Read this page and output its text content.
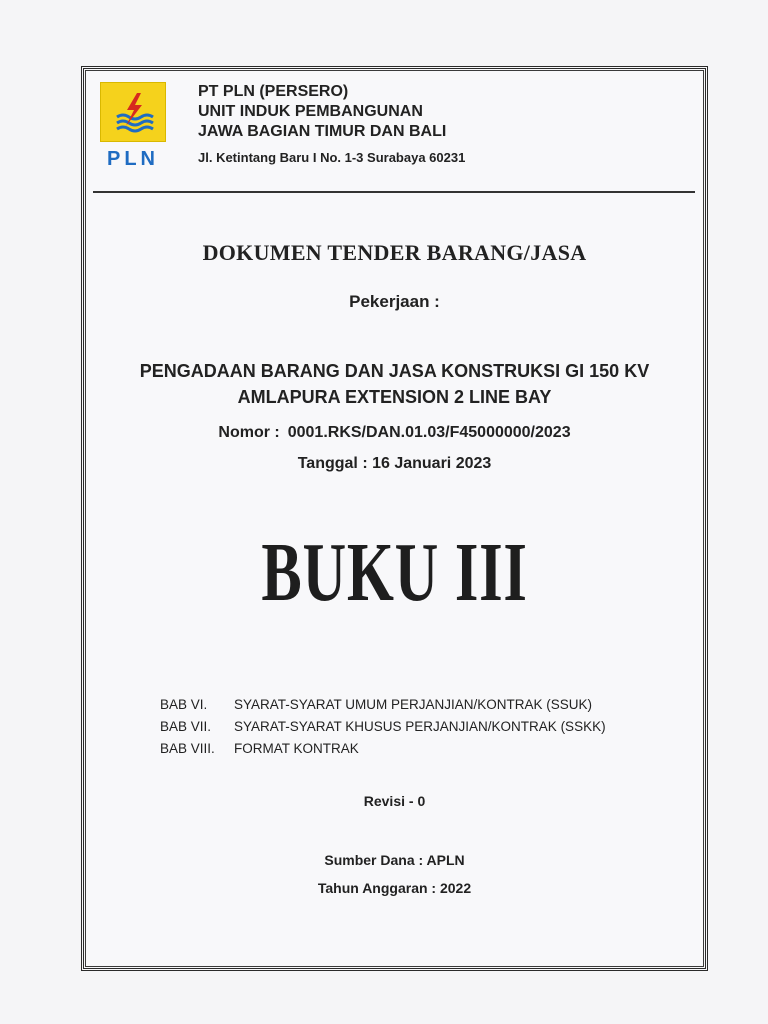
PLN
PT PLN (PERSERO)
UNIT INDUK PEMBANGUNAN
JAWA BAGIAN TIMUR DAN BALI
Jl. Ketintang Baru I No. 1-3 Surabaya 60231
DOKUMEN TENDER BARANG/JASA
Pekerjaan :
PENGADAAN BARANG DAN JASA KONSTRUKSI GI 150 KV
AMLAPURA EXTENSION 2 LINE BAY
Nomor : 0001.RKS/DAN.01.03/F45000000/2023
Tanggal : 16 Januari 2023
BUKU III
BAB VI.	SYARAT-SYARAT UMUM PERJANJIAN/KONTRAK (SSUK)
BAB VII.	SYARAT-SYARAT KHUSUS PERJANJIAN/KONTRAK (SSKK)
BAB VIII.	FORMAT KONTRAK
Revisi - 0
Sumber Dana : APLN
Tahun Anggaran : 2022
